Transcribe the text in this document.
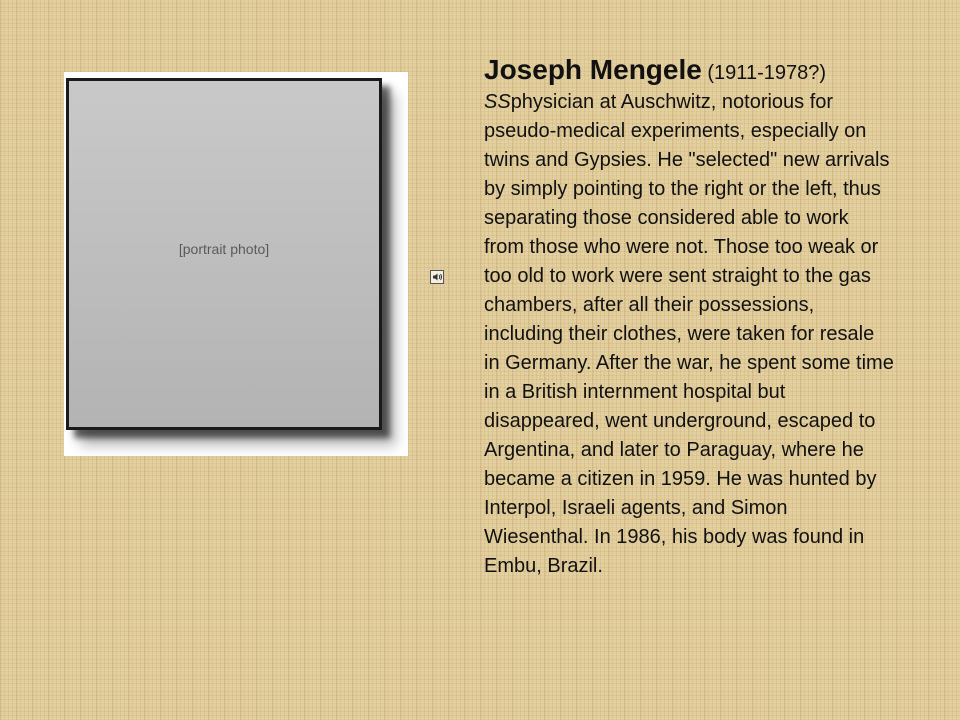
[portrait photo]
Joseph Mengele (1911-1978?) SSphysician at Auschwitz, notorious for pseudo-medical experiments, especially on twins and Gypsies. He "selected" new arrivals by simply pointing to the right or the left, thus separating those considered able to work from those who were not. Those too weak or too old to work were sent straight to the gas chambers, after all their possessions, including their clothes, were taken for resale in Germany. After the war, he spent some time in a British internment hospital but disappeared, went underground, escaped to Argentina, and later to Paraguay, where he became a citizen in 1959. He was hunted by Interpol, Israeli agents, and Simon Wiesenthal. In 1986, his body was found in Embu, Brazil.
